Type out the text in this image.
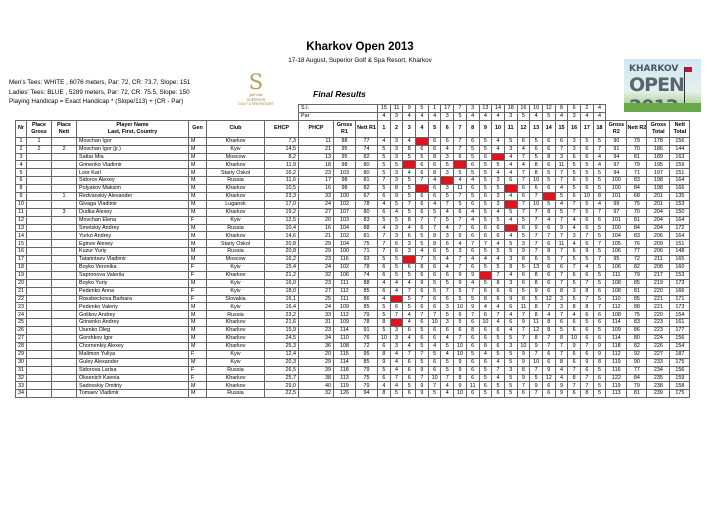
Kharkov Open 2013
17-18 August, Superior Golf & Spa Resort, Kharkov
Men's Tees: WHITE , 6076 meters, Par: 72, CR: 73.7, Slope: 151
Ladies' Tees: BLUE , 5289 meters, Par: 72, CR: 75.5, Slope: 150
Playing Handicap = Exact Handicap * (Slope/113) + (CR - Par)
Final Results
S
golf club
SUPERIOR
GOLF & SPA RESORT
KHARKOV
OPEN
							S.I.			15	11	9	5	1	17	7	3	13	14	18	16	10	12	8	6	2	4				
							Par			4	3	4	4	4	3	5	4	4	4	3	5	4	5	4	3	4	4				
Nr	Place Gross	Place Nett	Player Name
Last, First, Country	Gen	Club	EHCP	PHCP	Gross R1	Nett R1	1	2	3	4	5	6	7	8	9	10	11	12	13	14	15	16	17	18	Gross R2	Nett R2	Gross Total	Nett Total
1	1		Movchan Igor	M	Kharkov	7,3	11	88	77	4	3	4	X	6	6	7	6	5	4	5	6	5	6	6	3	5	5	90	79	178	156
2	2	2	Movchan Igor (jr.)	M	Kyiv	14,5	21	95	74	5	3	8	6	6	4	7	5	5	4	3	4	6	6	7	3	6	7	91	70	186	144
3			Sattar Mia	M	Moscow	8,2	13	95	82	5	3	5	5	8	3	6	5	6	X	4	7	5	8	3	6	6	4	94	81	189	163
4			Grinenko Vladimir	M	Kharkov	11,9	18	98	80	5	5	X	6	6	5	X	6	5	5	4	4	8	6	11	5	5	4	97	79	195	159
5			Loor Karl	M	Stariy Oskol	16,2	23	103	80	5	3	4	6	8	3	5	5	5	4	4	7	8	5	7	5	5	5	94	71	197	151
6			Sidorov Alexey	M	Russia	11,6	17	98	81	7	3	5	7	4	X	4	4	5	3	6	7	10	5	7	6	5	5	100	83	198	164
8			Polyakov Maksim	M	Kharkov	10,5	16	98	82	5	8	5	X	6	3	11	6	5	5	X	6	6	6	4	5	6	5	100	84	198	166
9		1	Redvanskiy Alexander	M	Kharkov	23,3	33	100	67	6	9	5	6	6	5	7	5	6	3	4	6	7	X	5	6	10	8	101	68	201	135
10			Givaga Vladimir	M	Lugansk	17,0	24	102	78	4	5	7	6	4	7	5	6	5	3	X	7	10	5	4	7	5	4	99	75	201	153
11		3	Dudka Alexey	M	Kharkov	19,2	27	107	80	6	4	5	6	5	4	6	4	5	4	5	7	7	8	5	7	5	7	97	70	204	150
12			Movchan Elena	F	Kyiv	12,5	20	103	83	5	5	8	7	7	5	7	4	5	5	4	5	7	4	7	4	6	6	101	81	204	164
13			Smetskiy Andrey	M	Russia	10,4	16	104	88	4	3	4	6	7	4	7	6	6	6	X	6	9	6	9	4	6	5	100	84	204	172
14			Yurko Andrey	M	Kharkov	14,6	21	102	81	7	3	6	5	8	3	9	6	6	6	4	5	7	7	7	3	7	5	104	83	206	164
15			Eginov Alexey	M	Stariy Oskol	20,8	29	104	75	7	6	3	5	8	6	4	7	7	4	5	3	7	6	11	4	6	7	105	76	209	151
16			Kuzur Yuriy	M	Russia	20,8	29	100	71	7	6	3	4	6	5	3	6	5	5	5	9	7	8	7	6	9	5	106	77	206	148
17			Tatarintsev Vladimir	M	Moscow	16,2	23	116	93	5	5	X	7	5	4	7	4	4	4	3	8	6	5	7	5	5	7	95	72	211	165
18			Boyko Veronika	F	Kyiv	15,4	24	102	78	6	5	6	8	6	4	7	6	5	5	8	5	13	6	6	7	4	5	106	82	208	160
19			Sapronova Valeriia	F	Kharkov	21,2	32	106	74	6	5	5	6	6	6	9	9	X	7	4	6	8	6	7	6	6	5	111	79	217	153
20			Boyko Yuriy	M	Kyiv	16,0	23	111	88	4	4	4	9	5	5	9	4	5	8	3	6	8	6	7	5	7	5	108	85	219	173
21			Pedenko Anna	F	Kyiv	18,0	27	112	85	6	4	7	6	5	7	5	7	6	6	6	5	9	6	8	3	8	6	108	81	220	166
22			Rossbeckova Barbara	F	Slovakia	16,1	25	111	86	4	X	5	7	6	6	5	5	8	6	9	8	5	12	3	5	7	5	110	85	221	171
23			Pedenko Valeriy	M	Kyiv	16,4	24	109	85	5	6	5	6	6	3	10	9	4	4	6	11	8	7	3	8	8	7	112	88	221	173
24			Golikov Andrey	M	Russia	23,2	33	112	79	5	7	4	7	7	5	6	7	6	7	4	7	8	4	7	4	6	6	108	75	220	154
25			Grinenko Andrey	M	Kharkov	21,6	31	109	78	8	X	4	6	10	3	5	6	10	4	6	9	11	8	6	6	5	6	114	83	223	161
26			Usenko Oleg	M	Kharkov	15,9	23	114	91	5	3	6	5	6	6	6	8	6	6	4	7	12	8	5	6	6	5	109	86	223	177
27			Gorshkov Igor	M	Kharkov	24,5	34	110	76	10	3	4	6	6	4	7	6	6	5	5	7	8	7	8	10	6	6	114	80	224	156
28			Chornenkiy Alexey	M	Kharkov	25,3	36	108	72	6	3	4	5	4	5	10	6	8	6	3	10	9	7	7	9	7	9	118	82	226	154
29			Malimon Yuliya	F	Kyiv	12,4	20	115	95	8	4	7	7	5	4	10	5	4	5	5	9	7	6	7	6	6	9	112	92	227	187
30			Guley Alexander	M	Kyiv	20,3	29	114	85	9	4	6	5	6	5	9	6	6	4	5	9	10	6	8	6	9	8	119	90	233	175
31			Sidorova Larisa	F	Russia	26,5	39	118	79	5	4	6	9	6	5	9	6	5	7	3	8	7	9	4	7	6	5	116	77	234	156
32			Oksenich Ksenia	F	Kharkov	25,7	38	113	75	6	7	6	7	10	7	8	6	5	4	5	9	5	12	4	8	7	6	122	84	235	159
33			Sadovskiy Dmitriy	M	Kharkov	29,0	40	119	79	4	4	5	9	7	4	9	11	6	5	5	7	9	6	9	7	7	5	119	79	238	158
34			Tomaev Vladimir	M	Russia	22,5	32	126	94	8	5	6	9	5	4	10	6	5	6	5	6	7	6	9	6	8	5	113	81	239	175
